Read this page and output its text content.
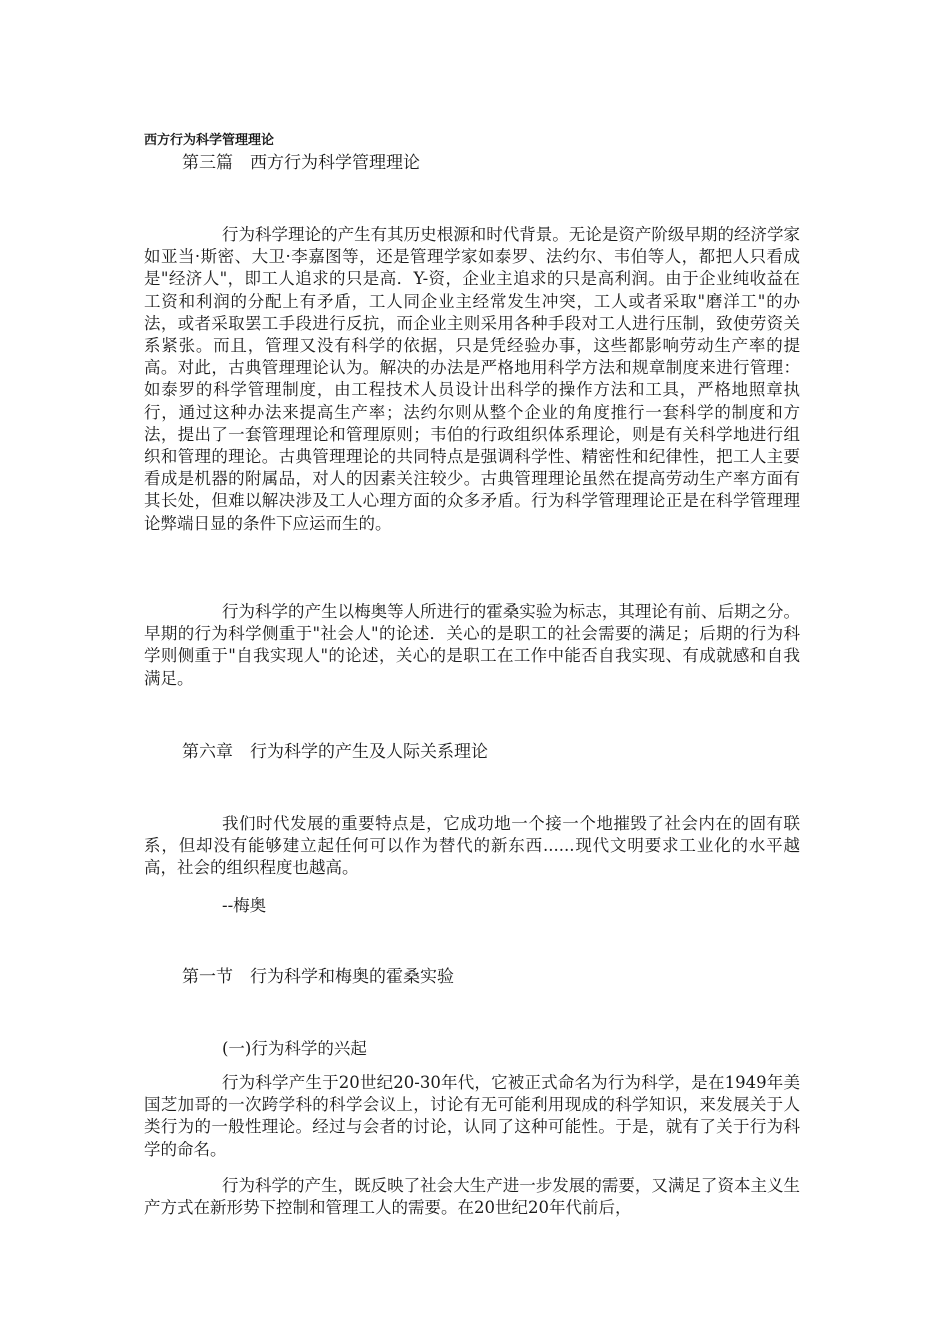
西方行为科学管理理论
第三篇　西方行为科学管理理论

行为科学理论的产生有其历史根源和时代背景。无论是资产阶级早期的经济学家如亚当·斯密、大卫·李嘉图等，还是管理学家如泰罗、法约尔、韦伯等人，都把人只看成是"经济人"，即工人追求的只是高．Y-资，企业主追求的只是高利润。由于企业纯收益在工资和利润的分配上有矛盾，工人同企业主经常发生冲突，工人或者采取"磨洋工"的办法，或者采取罢工手段进行反抗，而企业主则采用各种手段对工人进行压制，致使劳资关系紧张。而且，管理又没有科学的依据，只是凭经验办事，这些都影响劳动生产率的提高。对此，古典管理理论认为。解决的办法是严格地用科学方法和规章制度来进行管理：如泰罗的科学管理制度，由工程技术人员设计出科学的操作方法和工具，严格地照章执行，通过这种办法来提高生产率；法约尔则从整个企业的角度推行一套科学的制度和方法，提出了一套管理理论和管理原则；韦伯的行政组织体系理论，则是有关科学地进行组织和管理的理论。古典管理理论的共同特点是强调科学性、精密性和纪律性，把工人主要看成是机器的附属品，对人的因素关注较少。古典管理理论虽然在提高劳动生产率方面有其长处，但难以解决涉及工人心理方面的众多矛盾。行为科学管理理论正是在科学管理理论弊端日显的条件下应运而生的。

行为科学的产生以梅奥等人所进行的霍桑实验为标志，其理论有前、后期之分。早期的行为科学侧重于"社会人"的论述．关心的是职工的社会需要的满足；后期的行为科学则侧重于"自我实现人"的论述，关心的是职工在工作中能否自我实现、有成就感和自我满足。

第六章　行为科学的产生及人际关系理论

我们时代发展的重要特点是，它成功地一个接一个地摧毁了社会内在的固有联系，但却没有能够建立起任何可以作为替代的新东西......现代文明要求工业化的水平越高，社会的组织程度也越高。

--梅奥
第一节　行为科学和梅奥的霍桑实验
(一)行为科学的兴起

行为科学产生于20世纪20-30年代，它被正式命名为行为科学，是在1949年美国芝加哥的一次跨学科的科学会议上，讨论有无可能利用现成的科学知识，来发展关于人类行为的一般性理论。经过与会者的讨论，认同了这种可能性。于是，就有了关于行为科学的命名。

行为科学的产生，既反映了社会大生产进一步发展的需要，又满足了资本主义生产方式在新形势下控制和管理工人的需要。在20世纪20年代前后，
